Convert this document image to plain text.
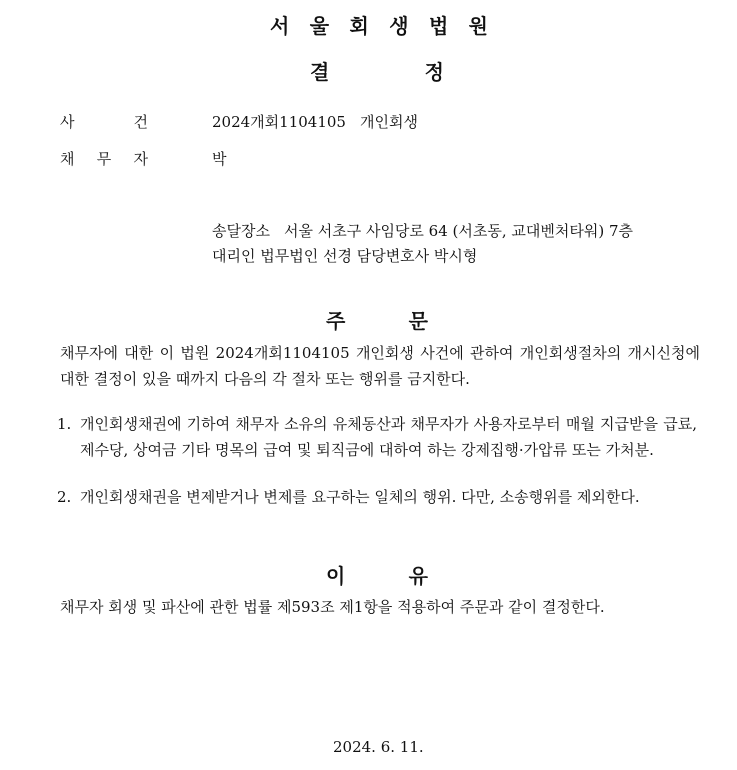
서 울 회 생 법 원
결	정
사	건	2024개회1104105 개인회생
채 무 자	박
송달장소 서울 서초구 사임당로 64 (서초동, 교대벤처타워) 7층
대리인 법무법인 선경 담당변호사 박시형
주	문
채무자에 대한 이 법원 2024개회1104105 개인회생 사건에 관하여 개인회생절차의 개시신청에 대한 결정이 있을 때까지 다음의 각 절차 또는 행위를 금지한다.
1. 개인회생채권에 기하여 채무자 소유의 유체동산과 채무자가 사용자로부터 매월 지급받을 급료, 제수당, 상여금 기타 명목의 급여 및 퇴직금에 대하여 하는 강제집행·가압류 또는 가처분.
2. 개인회생채권을 변제받거나 변제를 요구하는 일체의 행위. 다만, 소송행위를 제외한다.
이	유
채무자 회생 및 파산에 관한 법률 제593조 제1항을 적용하여 주문과 같이 결정한다.
2024. 6. 11.
